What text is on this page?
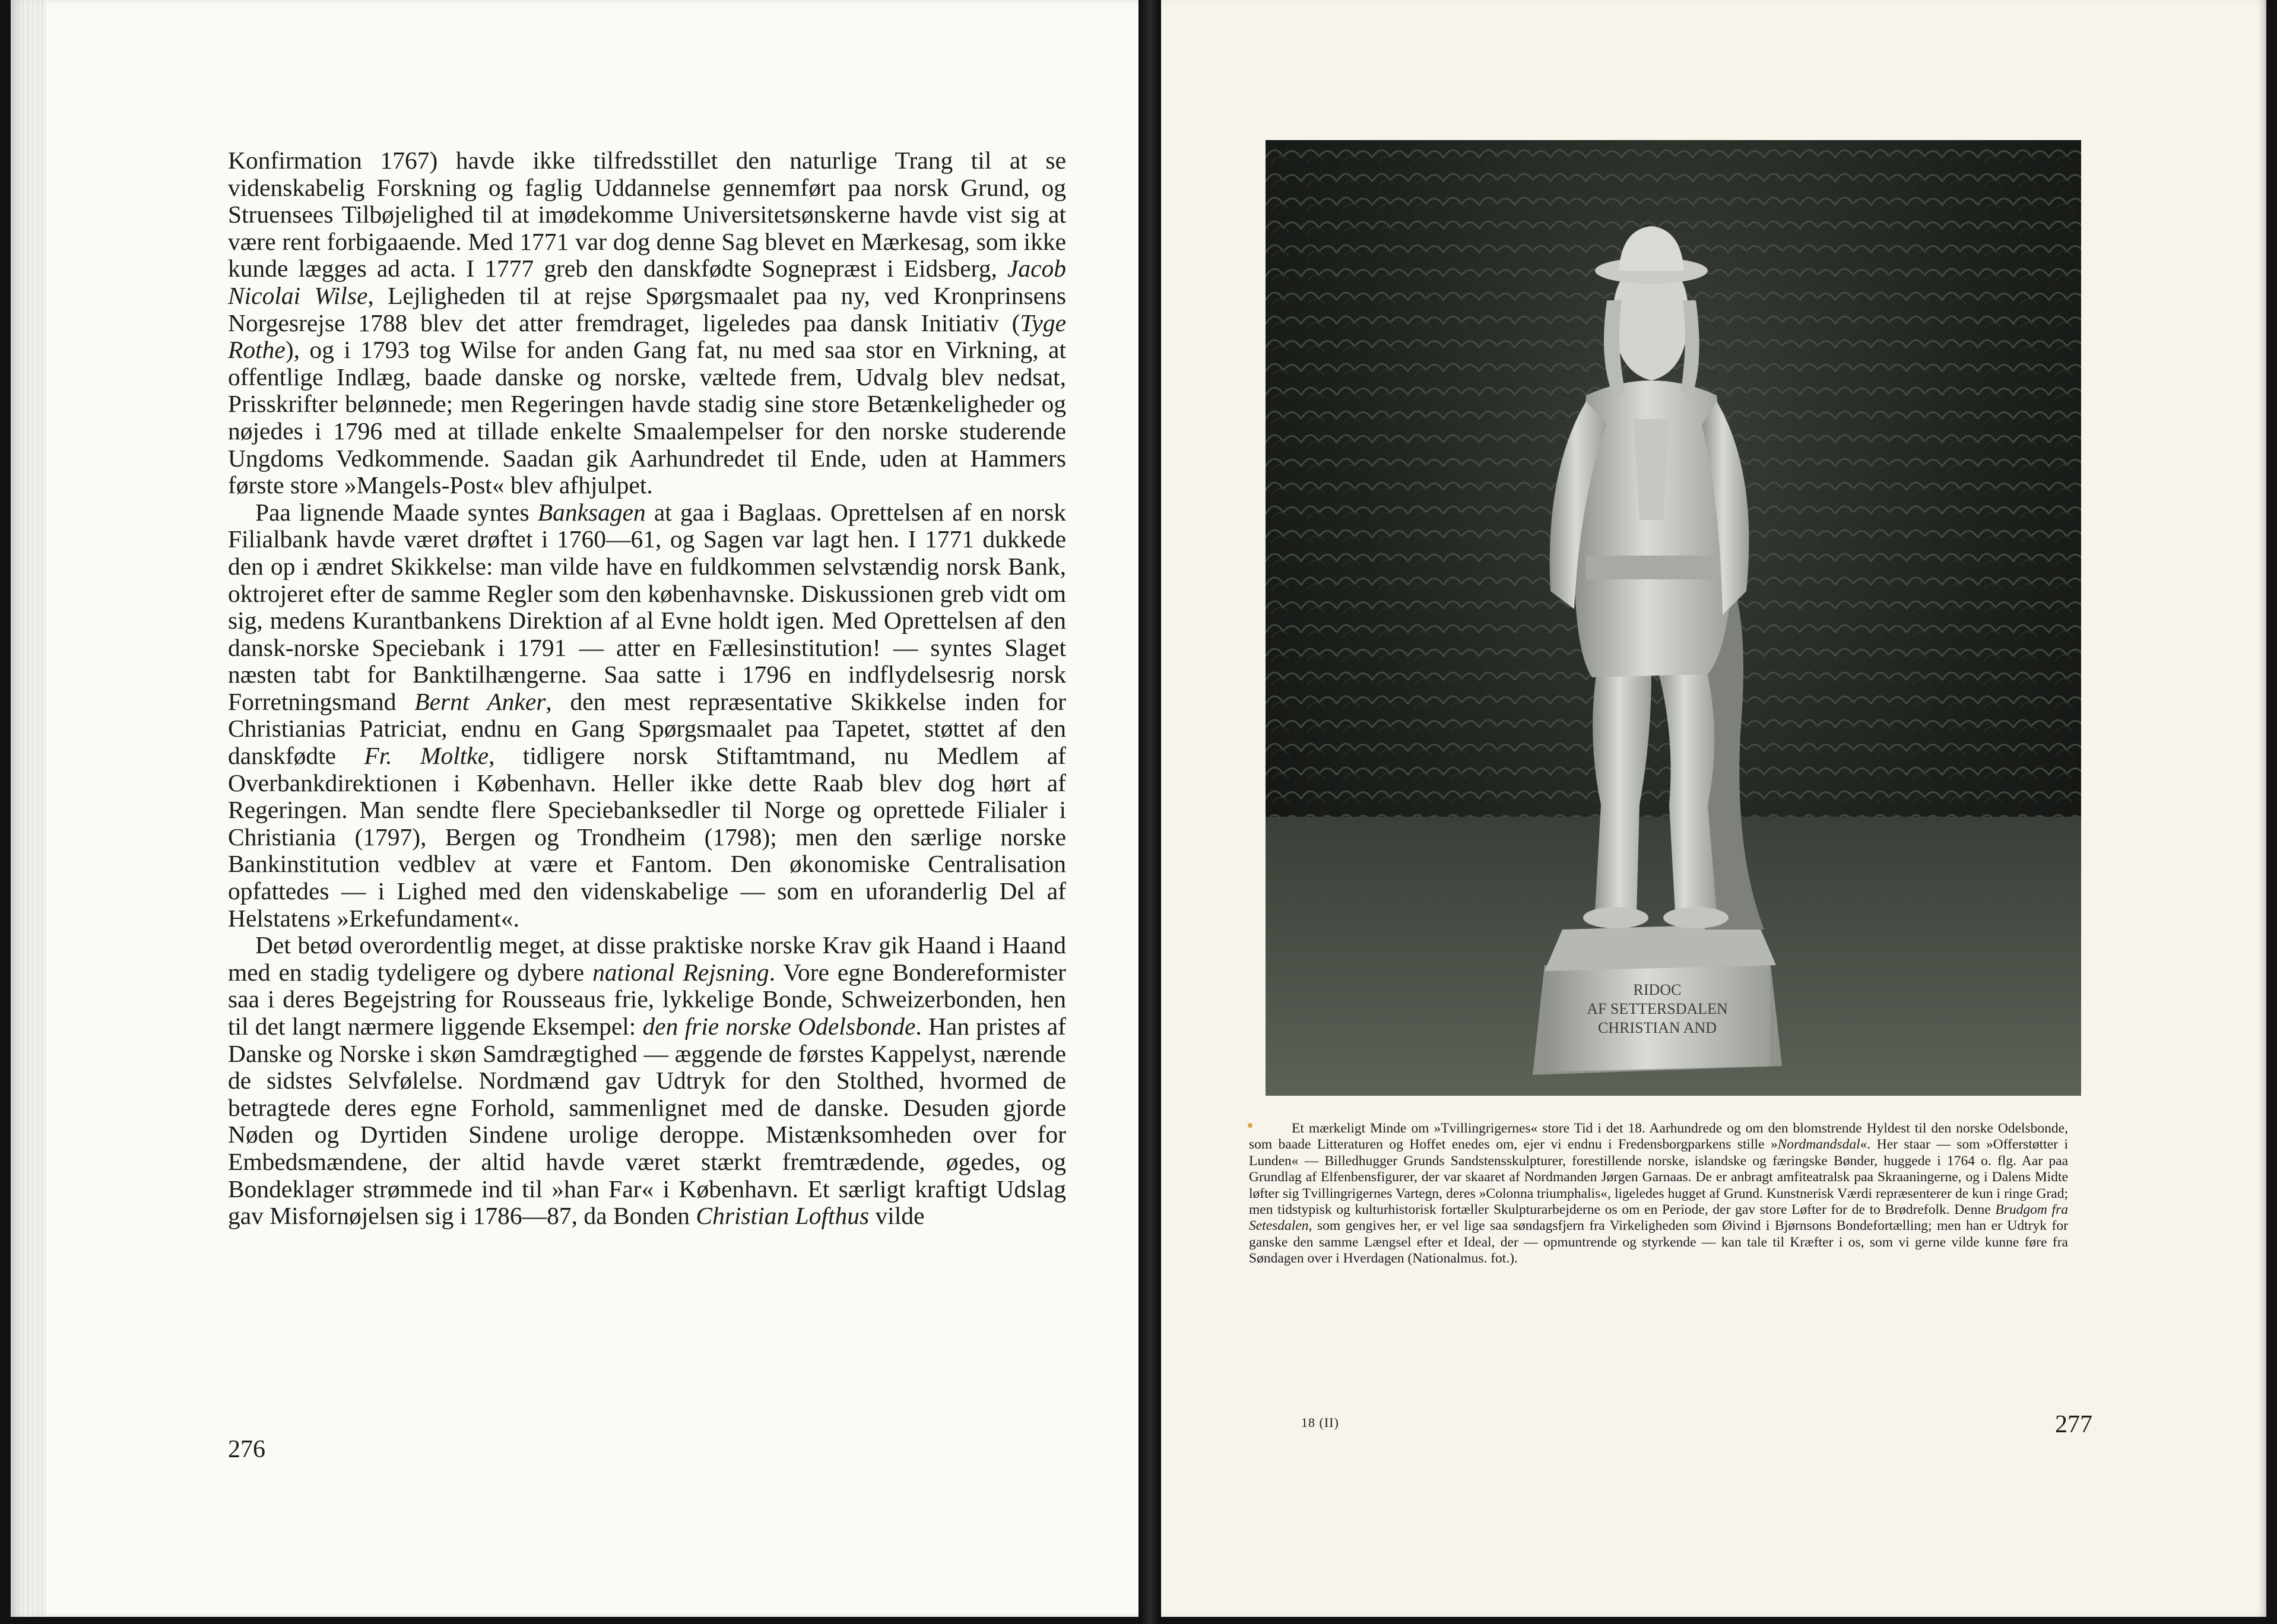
Konfirmation 1767) havde ikke tilfredsstillet den naturlige Trang til at se videnskabelig Forskning og faglig Uddannelse gennemført paa norsk Grund, og Struensees Tilbøjelighed til at imødekomme Universitetsønskerne havde vist sig at være rent forbigaaende. Med 1771 var dog denne Sag blevet en Mærkesag, som ikke kunde lægges ad acta. I 1777 greb den danskfødte Sognepræst i Eidsberg, Jacob Nicolai Wilse, Lejligheden til at rejse Spørgsmaalet paa ny, ved Kronprinsens Norgesrejse 1788 blev det atter fremdraget, ligeledes paa dansk Initiativ (Tyge Rothe), og i 1793 tog Wilse for anden Gang fat, nu med saa stor en Virkning, at offentlige Indlæg, baade danske og norske, væltede frem, Udvalg blev nedsat, Prisskrifter belønnede; men Regeringen havde stadig sine store Betænkeligheder og nøjedes i 1796 med at tillade enkelte Smaalempelser for den norske studerende Ungdoms Vedkommende. Saadan gik Aarhundredet til Ende, uden at Hammers første store »Mangels-Post« blev afhjulpet.

Paa lignende Maade syntes Banksagen at gaa i Baglaas. Oprettelsen af en norsk Filialbank havde været drøftet i 1760—61, og Sagen var lagt hen. I 1771 dukkede den op i ændret Skikkelse: man vilde have en fuldkommen selvstændig norsk Bank, oktrojeret efter de samme Regler som den københavnske. Diskussionen greb vidt om sig, medens Kurantbankens Direktion af al Evne holdt igen. Med Oprettelsen af den dansk-norske Speciebank i 1791 — atter en Fællesinstitution! — syntes Slaget næsten tabt for Banktilhængerne. Saa satte i 1796 en indflydelsesrig norsk Forretningsmand Bernt Anker, den mest repræsentative Skikkelse inden for Christianias Patriciat, endnu en Gang Spørgsmaalet paa Tapetet, støttet af den danskfødte Fr. Moltke, tidligere norsk Stiftamtmand, nu Medlem af Overbankdirektionen i København. Heller ikke dette Raab blev dog hørt af Regeringen. Man sendte flere Speciebanksedler til Norge og oprettede Filialer i Christiania (1797), Bergen og Trondheim (1798); men den særlige norske Bankinstitution vedblev at være et Fantom. Den økonomiske Centralisation opfattedes — i Lighed med den videnskabelige — som en uforanderlig Del af Helstatens »Erkefundament«.

Det betød overordentlig meget, at disse praktiske norske Krav gik Haand i Haand med en stadig tydeligere og dybere national Rejsning. Vore egne Bondereformister saa i deres Begejstring for Rousseaus frie, lykkelige Bonde, Schweizerbonden, hen til det langt nærmere liggende Eksempel: den frie norske Odelsbonde. Han pristes af Danske og Norske i skøn Samdrægtighed — æggende de førstes Kappelyst, nærende de sidstes Selvfølelse. Nordmænd gav Udtryk for den Stolthed, hvormed de betragtede deres egne Forhold, sammenlignet med de danske. Desuden gjorde Nøden og Dyrtiden Sindene urolige deroppe. Mistænksomheden over for Embedsmændene, der altid havde været stærkt fremtrædende, øgedes, og Bondeklager strømmede ind til »han Far« i København. Et særligt kraftigt Udslag gav Misfornøjelsen sig i 1786—87, da Bonden Christian Lofthus vilde

276
RIDOC
AF SETTERSDALEN
CHRISTIAN AND
Et mærkeligt Minde om »Tvillingrigernes« store Tid i det 18. Aarhundrede og om den blomstrende Hyldest til den norske Odelsbonde, som baade Litteraturen og Hoffet enedes om, ejer vi endnu i Fredensborgparkens stille »Nordmandsdal«. Her staar — som »Offerstøtter i Lunden« — Billedhugger Grunds Sandstensskulpturer, forestillende norske, islandske og færingske Bønder, huggede i 1764 o. flg. Aar paa Grundlag af Elfenbensfigurer, der var skaaret af Nordmanden Jørgen Garnaas. De er anbragt amfiteatralsk paa Skraaningerne, og i Dalens Midte løfter sig Tvillingrigernes Vartegn, deres »Colonna triumphalis«, ligeledes hugget af Grund. Kunstnerisk Værdi repræsenterer de kun i ringe Grad; men tidstypisk og kulturhistorisk fortæller Skulpturarbejderne os om en Periode, der gav store Løfter for de to Brødrefolk. Denne Brudgom fra Setesdalen, som gengives her, er vel lige saa søndagsfjern fra Virkeligheden som Øivind i Bjørnsons Bondefortælling; men han er Udtryk for ganske den samme Længsel efter et Ideal, der — opmuntrende og styrkende — kan tale til Kræfter i os, som vi gerne vilde kunne føre fra Søndagen over i Hverdagen (Nationalmus. fot.).
18 (II)	277
